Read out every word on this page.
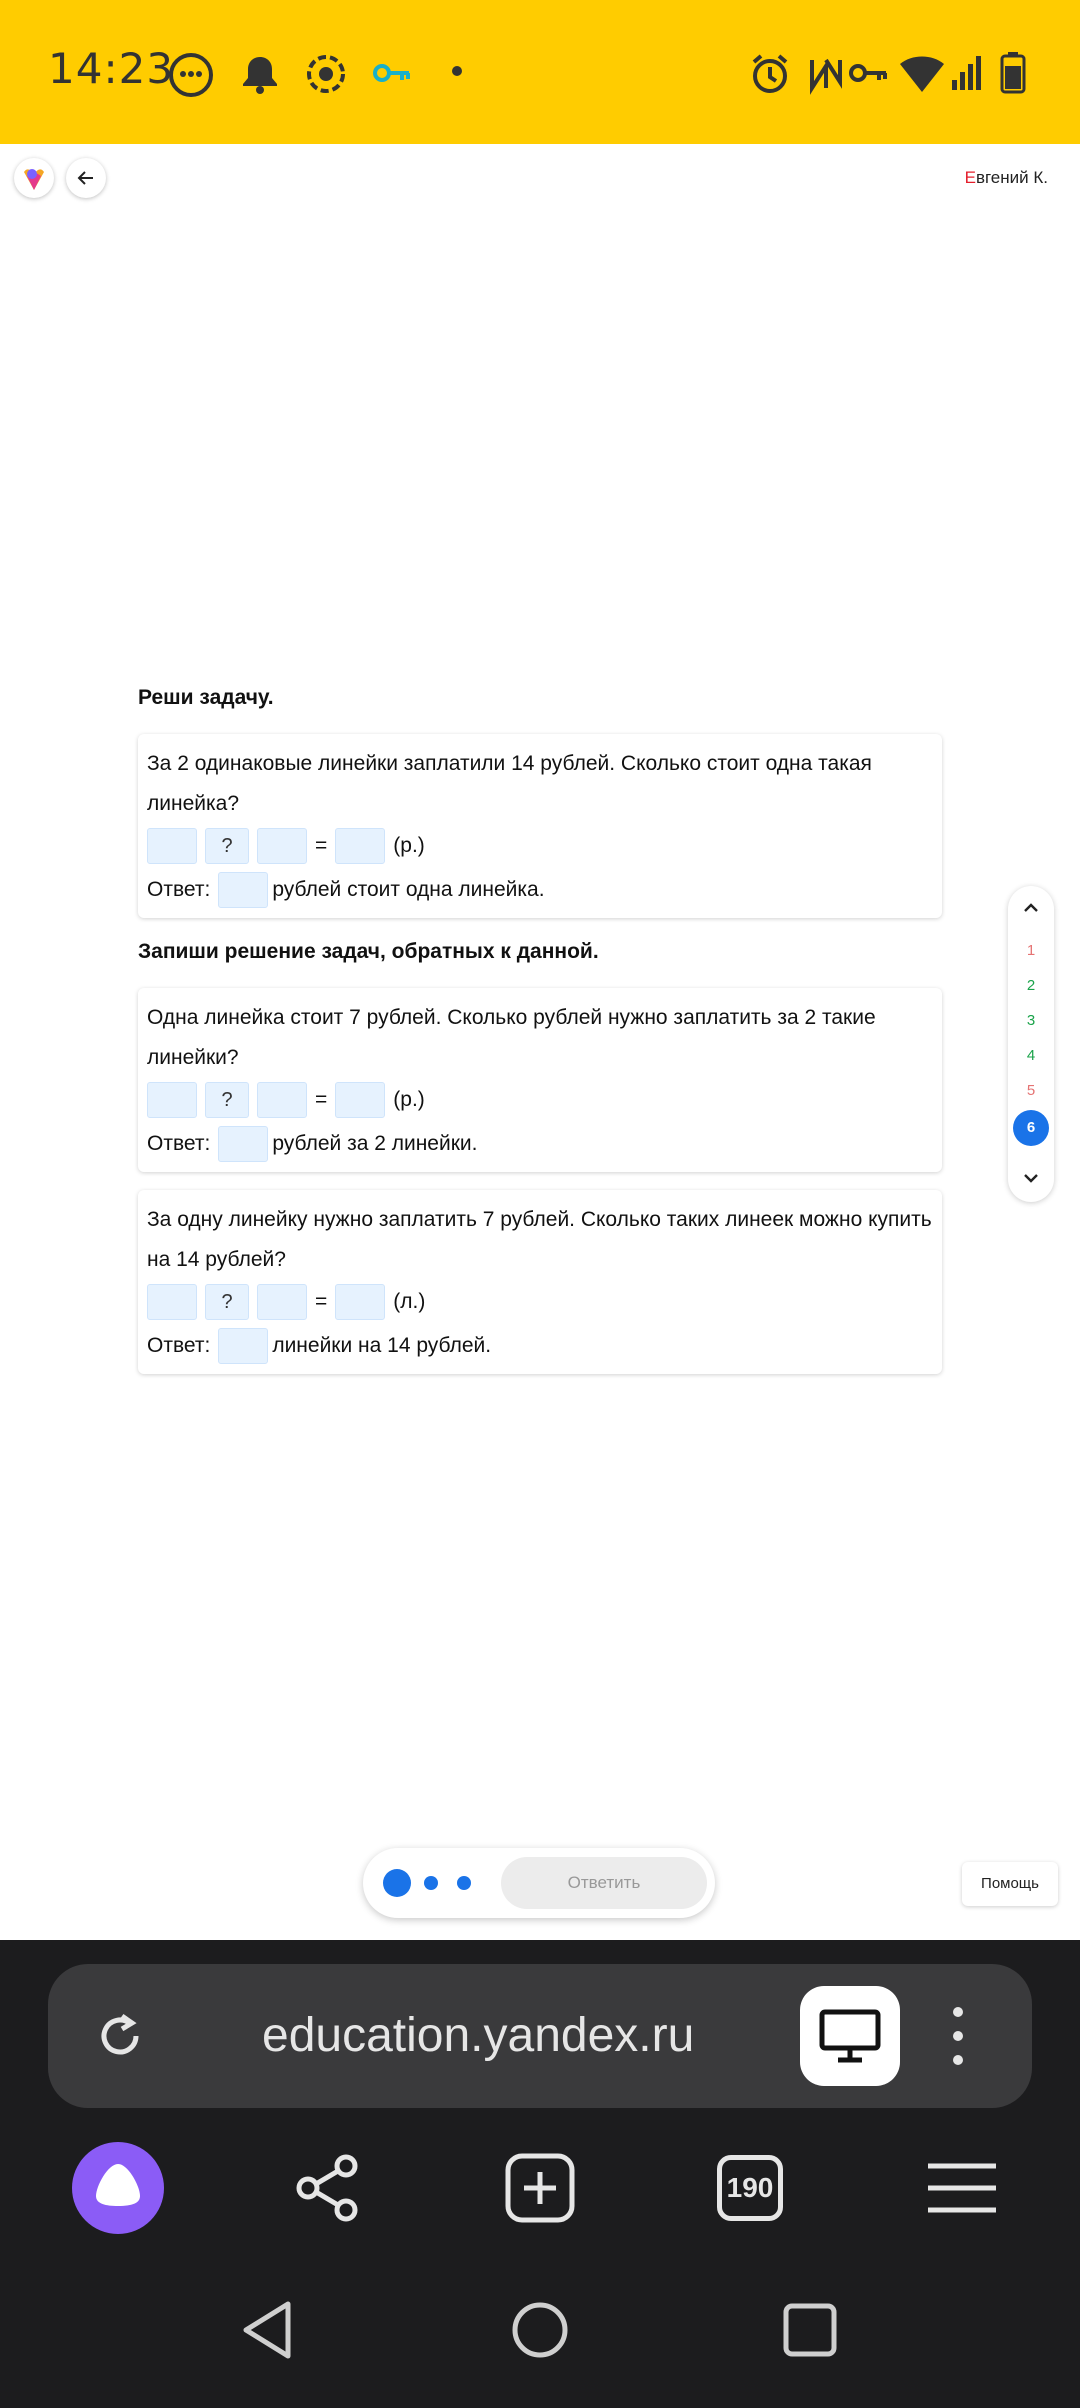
14:23
Евгений К.
Реши задачу.
За 2 одинаковые линейки заплатили 14 рублей. Сколько стоит одна такая линейка?
?	=	(р.)
Ответ:	рублей стоит одна линейка.
Запиши решение задач, обратных к данной.
Одна линейка стоит 7 рублей. Сколько рублей нужно заплатить за 2 такие линейки?
?	=	(р.)
Ответ:	рублей за 2 линейки.
За одну линейку нужно заплатить 7 рублей. Сколько таких линеек можно купить на 14 рублей?
?	=	(л.)
Ответ:	линейки на 14 рублей.
1
2
3
4
5
6
Ответить	Помощь
education.yandex.ru
190
